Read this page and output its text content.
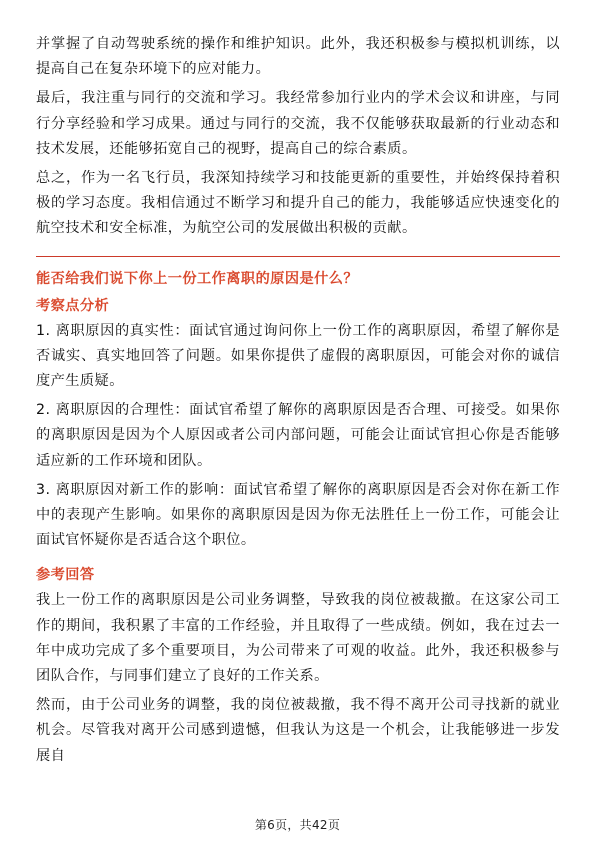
并掌握了自动驾驶系统的操作和维护知识。此外，我还积极参与模拟机训练，以提高自己在复杂环境下的应对能力。

最后，我注重与同行的交流和学习。我经常参加行业内的学术会议和讲座，与同行分享经验和学习成果。通过与同行的交流，我不仅能够获取最新的行业动态和技术发展，还能够拓宽自己的视野，提高自己的综合素质。

总之，作为一名飞行员，我深知持续学习和技能更新的重要性，并始终保持着积极的学习态度。我相信通过不断学习和提升自己的能力，我能够适应快速变化的航空技术和安全标准，为航空公司的发展做出积极的贡献。

能否给我们说下你上一份工作离职的原因是什么？
考察点分析

1. 离职原因的真实性：面试官通过询问你上一份工作的离职原因，希望了解你是否诚实、真实地回答了问题。如果你提供了虚假的离职原因，可能会对你的诚信度产生质疑。

2. 离职原因的合理性：面试官希望了解你的离职原因是否合理、可接受。如果你的离职原因是因为个人原因或者公司内部问题，可能会让面试官担心你是否能够适应新的工作环境和团队。

3. 离职原因对新工作的影响：面试官希望了解你的离职原因是否会对你在新工作中的表现产生影响。如果你的离职原因是因为你无法胜任上一份工作，可能会让面试官怀疑你是否适合这个职位。

参考回答

我上一份工作的离职原因是公司业务调整，导致我的岗位被裁撤。在这家公司工作的期间，我积累了丰富的工作经验，并且取得了一些成绩。例如，我在过去一年中成功完成了多个重要项目，为公司带来了可观的收益。此外，我还积极参与团队合作，与同事们建立了良好的工作关系。

然而，由于公司业务的调整，我的岗位被裁撤，我不得不离开公司寻找新的就业机会。尽管我对离开公司感到遗憾，但我认为这是一个机会，让我能够进一步发展自

第6页，共42页
